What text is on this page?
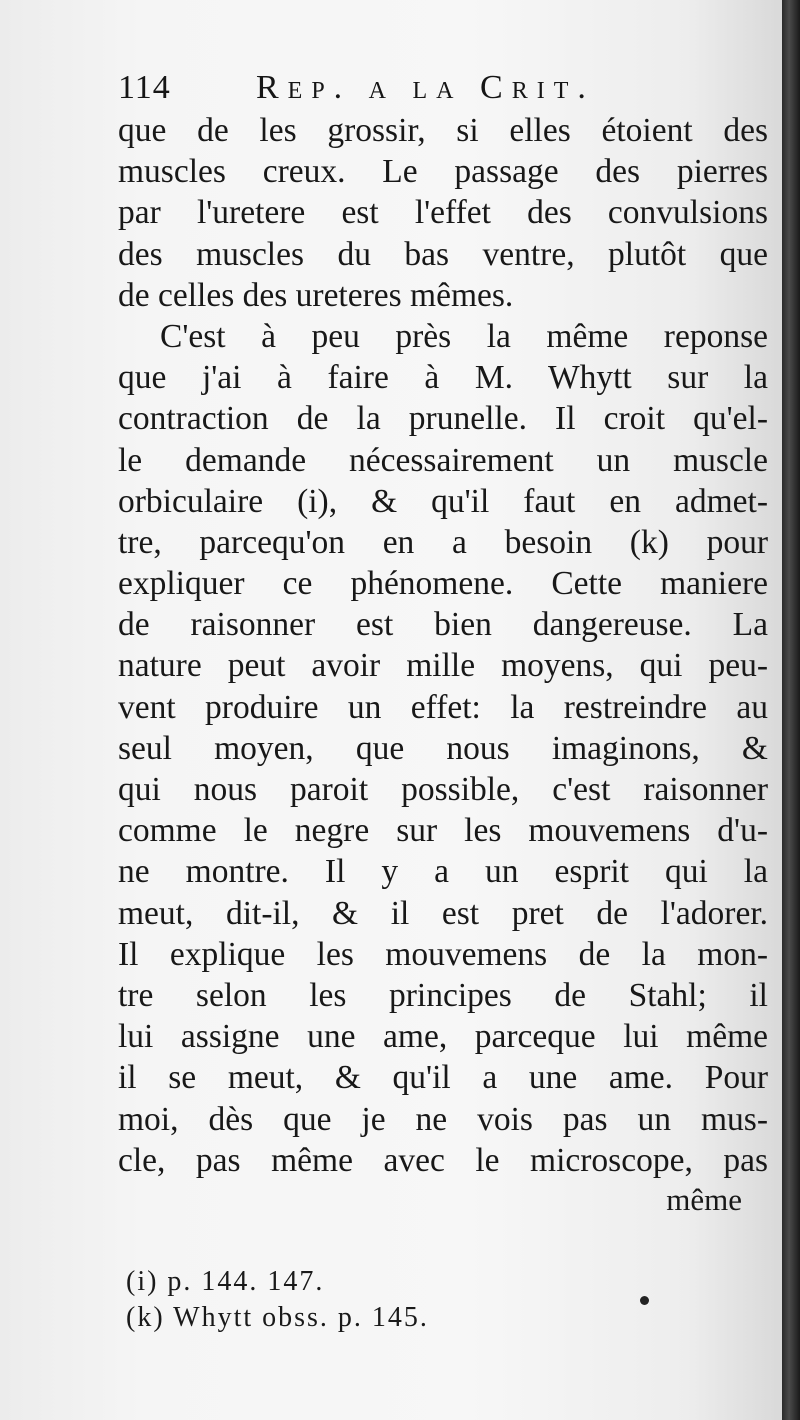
114	Rep. a la Crit.
que de les grossir, si elles étoient des
muscles creux. Le passage des pierres
par l'uretere est l'effet des convulsions
des muscles du bas ventre, plutôt que
de celles des ureteres mêmes.
C'est à peu près la même reponse
que j'ai à faire à M. Whytt sur la
contraction de la prunelle. Il croit qu'el-
le demande nécessairement un muscle
orbiculaire (i), & qu'il faut en admet-
tre, parcequ'on en a besoin (k) pour
expliquer ce phénomene. Cette maniere
de raisonner est bien dangereuse. La
nature peut avoir mille moyens, qui peu-
vent produire un effet: la restreindre au
seul moyen, que nous imaginons, &
qui nous paroit possible, c'est raisonner
comme le negre sur les mouvemens d'u-
ne montre. Il y a un esprit qui la
meut, dit-il, & il est pret de l'adorer.
Il explique les mouvemens de la mon-
tre selon les principes de Stahl; il
lui assigne une ame, parceque lui même
il se meut, & qu'il a une ame. Pour
moi, dès que je ne vois pas un mus-
cle, pas même avec le microscope, pas
même
(i) p. 144. 147.
(k) Whytt obss. p. 145.
